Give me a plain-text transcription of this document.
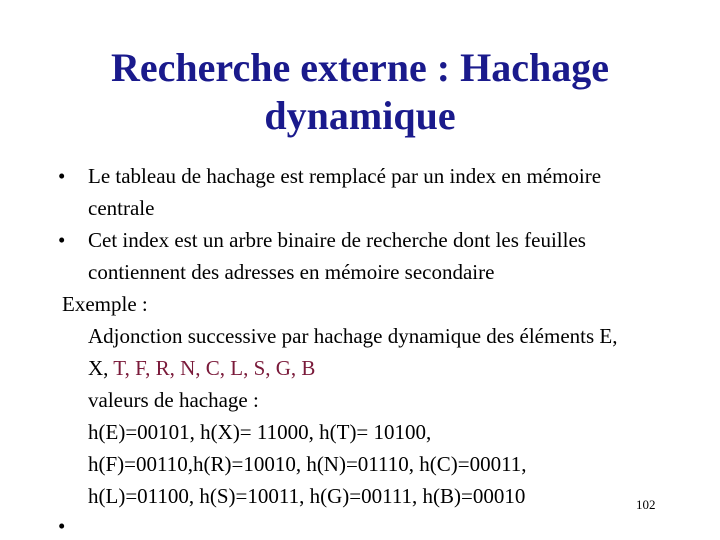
Recherche externe : Hachage
dynamique
• Le tableau de hachage est remplacé par un index en mémoire
centrale
• Cet index est un arbre binaire de recherche dont les feuilles
contiennent des adresses en mémoire secondaire
Exemple :
Adjonction successive par hachage dynamique des éléments E,
X, T, F, R, N, C, L, S, G, B
valeurs de hachage :
h(E)=00101, h(X)= 11000, h(T)= 10100,
h(F)=00110,h(R)=10010, h(N)=01110, h(C)=00011,
h(L)=01100, h(S)=10011, h(G)=00111, h(B)=00010	102
•
